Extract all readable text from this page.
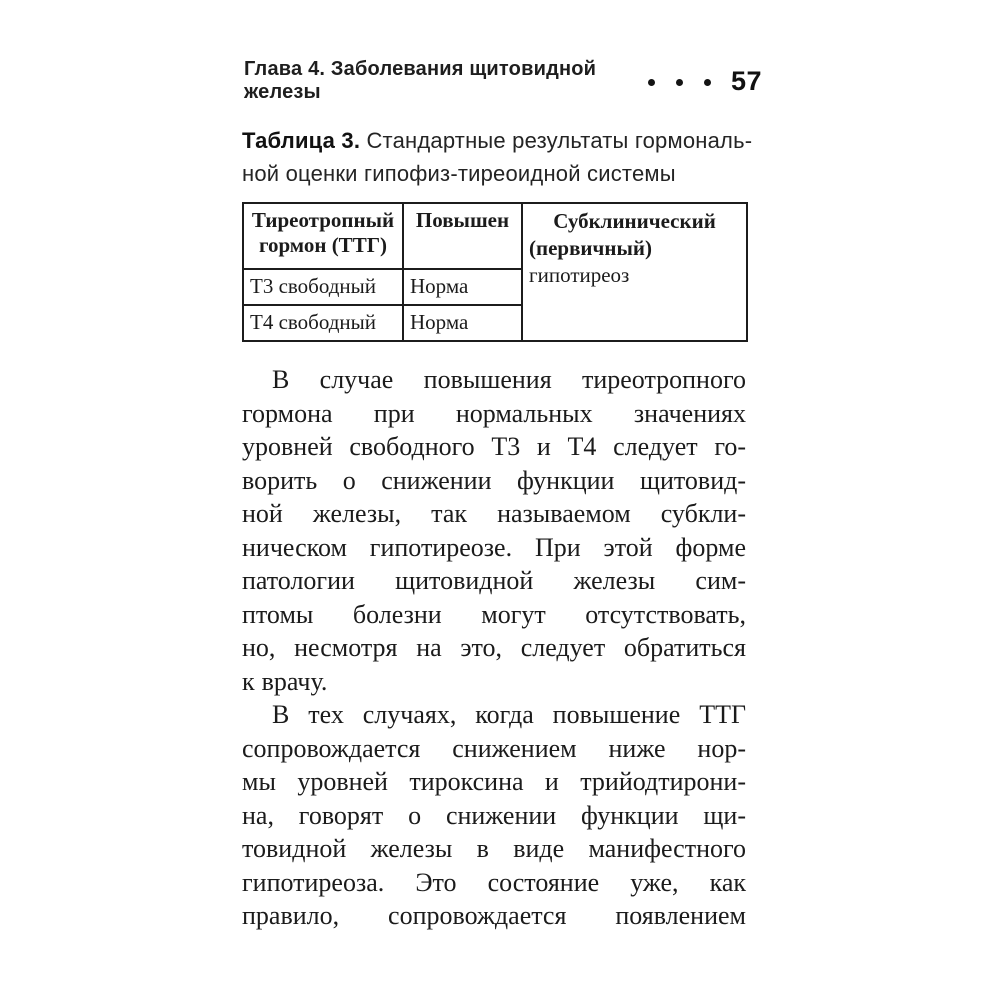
Глава 4. Заболевания щитовидной железы	57
Таблица 3. Стандартные результаты гормональ-
ной оценки гипофиз-тиреоидной системы
Тиреотропный гормон (ТТГ)	Повышен	Субклинический
(первичный)
гипотиреоз

Т3 свободный	Норма	
Т4 свободный	Норма	
В случае повышения тиреотропного
гормона при нормальных значениях
уровней свободного Т3 и Т4 следует го-
ворить о снижении функции щитовид-
ной железы, так называемом субкли-
ническом гипотиреозе. При этой форме
патологии щитовидной железы сим-
птомы болезни могут отсутствовать,
но, несмотря на это, следует обратиться
к врачу.
В тех случаях, когда повышение ТТГ
сопровождается снижением ниже нор-
мы уровней тироксина и трийодтирони-
на, говорят о снижении функции щи-
товидной железы в виде манифестного
гипотиреоза. Это состояние уже, как
правило, сопровождается появлением
